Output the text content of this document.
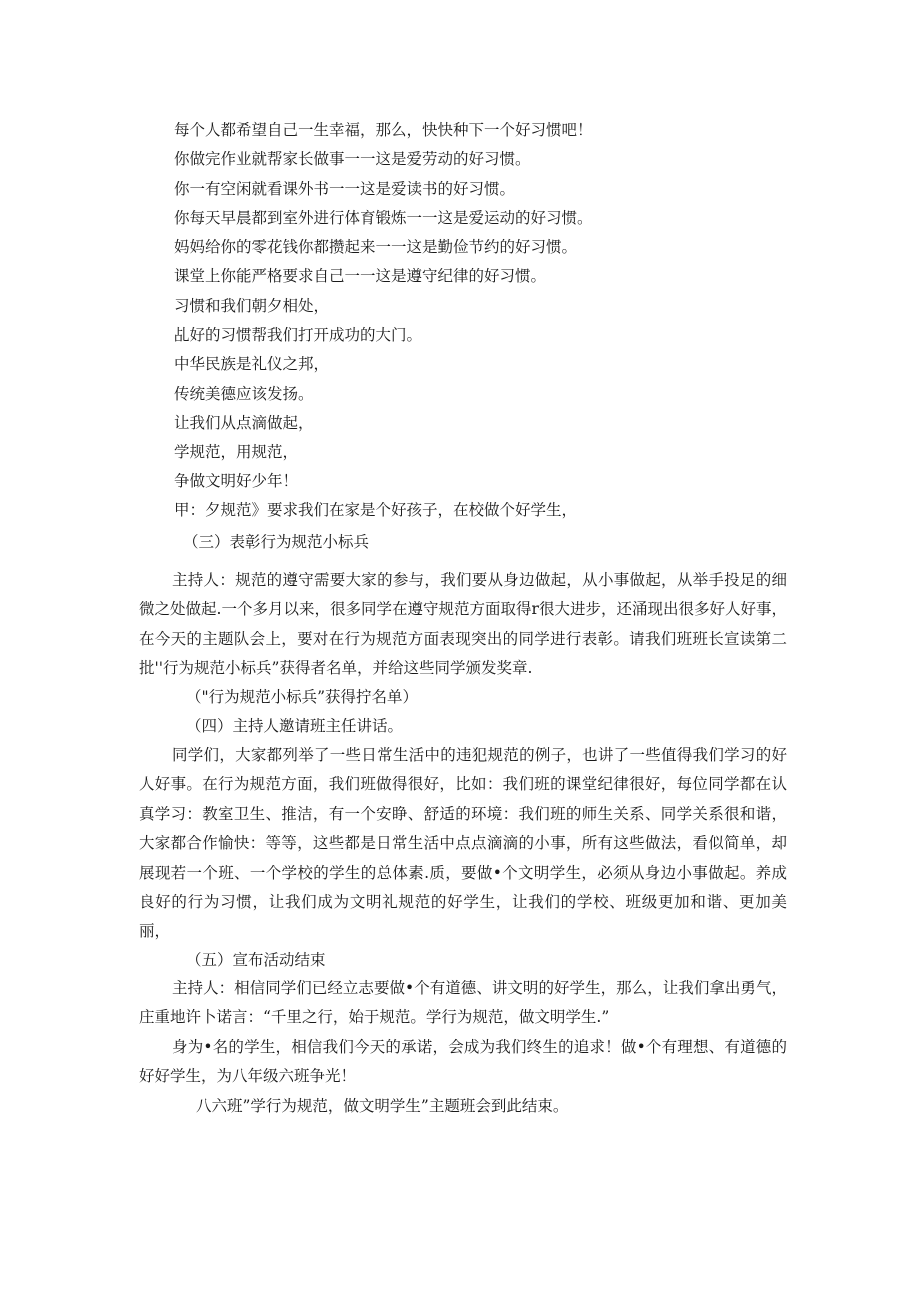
每个人都希望自己一生幸福，那么，快快种下一个好习惯吧！
你做完作业就帮家长做事一一这是爱劳动的好习惯。
你一有空闲就看课外书一一这是爱读书的好习惯。
你每天早晨都到室外进行体育锻炼一一这是爱运动的好习惯。
妈妈给你的零花钱你都攒起来一一这是勤俭节约的好习惯。
课堂上你能严格要求自己一一这是遵守纪律的好习惯。
习惯和我们朝夕相处，
乩好的习惯帮我们打开成功的大门。
中华民族是礼仪之邦，
传统美德应该发扬。
让我们从点滴做起，
学规范，用规范，
争做文明好少年！
甲：夕规范》要求我们在家是个好孩子，在校做个好学生，
（三）表彰行为规范小标兵
主持人：规范的遵守需要大家的参与，我们要从身边做起，从小事做起，从举手投足的细微之处做起.一个多月以来，很多同学在遵守规范方面取得r很大进步，还涌现出很多好人好事，在今天的主题队会上，要对在行为规范方面表现突出的同学进行表彰。请我们班班长宣读第二批''行为规范小标兵”获得者名单，并给这些同学颁发奖章.
（"行为规范小标兵”获得拧名单）
（四）主持人邀请班主任讲话。
同学们，大家都列举了一些日常生活中的违犯规范的例子，也讲了一些值得我们学习的好人好事。在行为规范方面，我们班做得很好，比如：我们班的课堂纪律很好，每位同学都在认真学习：教室卫生、推洁，有一个安睁、舒适的环境：我们班的师生关系、同学关系很和谐，大家都合作愉快：等等，这些都是日常生活中点点滴滴的小事，所有这些做法，看似简单，却展现若一个班、一个学校的学生的总体素.质，要做•个文明学生，必须从身边小事做起。养成良好的行为习惯，让我们成为文明礼规范的好学生，让我们的学校、班级更加和谐、更加美丽，
（五）宣布活动结束
主持人：相信同学们已经立志要做•个有道德、讲文明的好学生，那么，让我们拿出勇气，庄重地许卜诺言：“千里之行，始于规范。学行为规范，做文明学生.”
身为•名的学生，相信我们今天的承诺，会成为我们终生的追求！做•个有理想、有道德的好好学生，为八年级六班争光！
八六班”学行为规范，做文明学生”主题班会到此结束。
